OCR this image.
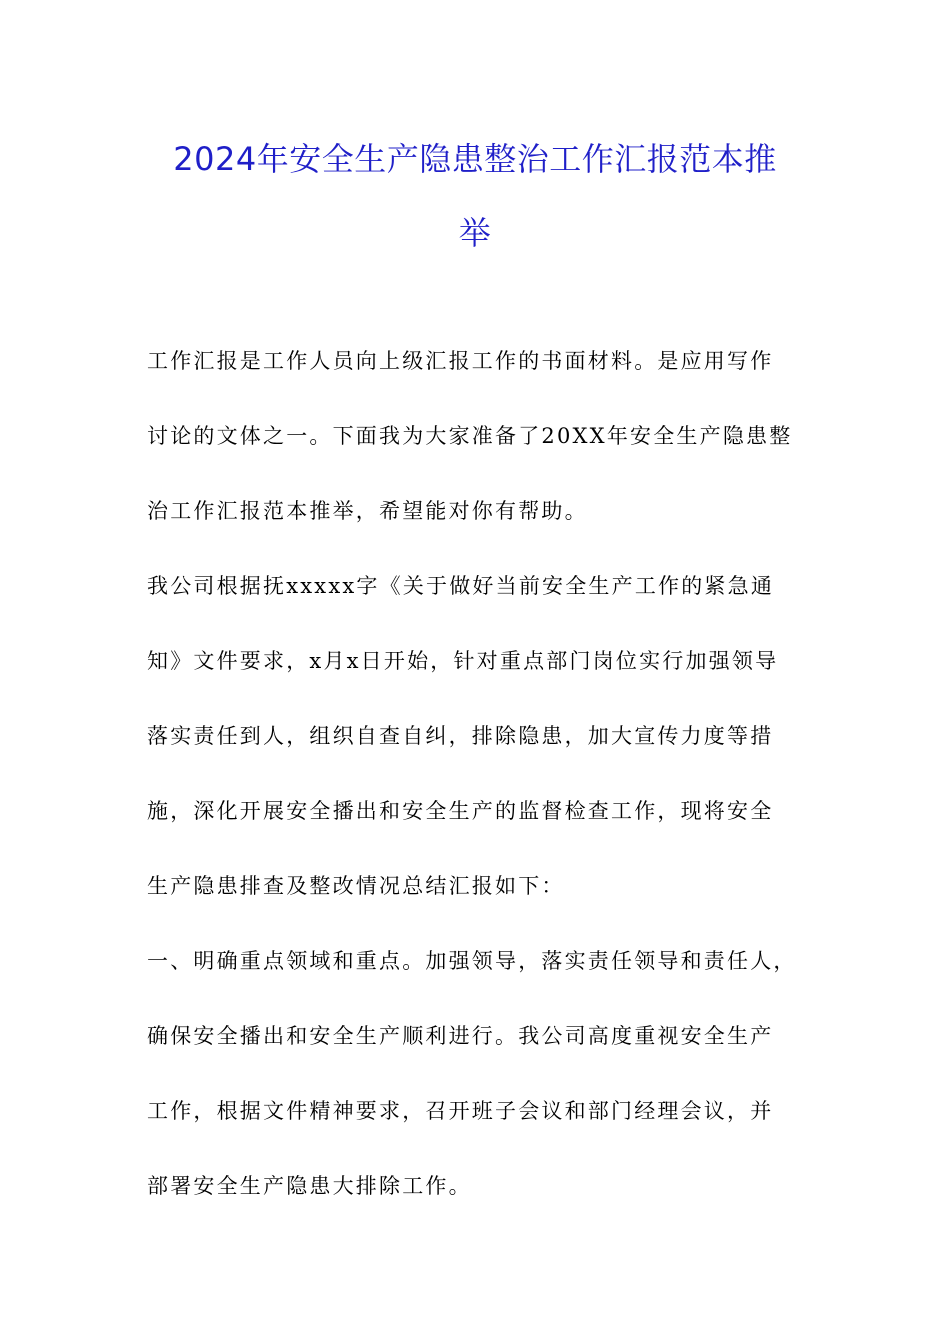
2024年安全生产隐患整治工作汇报范本推
举
工作汇报是工作人员向上级汇报工作的书面材料。是应用写作
讨论的文体之一。下面我为大家准备了20XX年安全生产隐患整
治工作汇报范本推举，希望能对你有帮助。
我公司根据抚xxxxx字《关于做好当前安全生产工作的紧急通
知》文件要求，x月x日开始，针对重点部门岗位实行加强领导
落实责任到人，组织自查自纠，排除隐患，加大宣传力度等措
施，深化开展安全播出和安全生产的监督检查工作，现将安全
生产隐患排查及整改情况总结汇报如下：
一、明确重点领域和重点。加强领导，落实责任领导和责任人，
确保安全播出和安全生产顺利进行。我公司高度重视安全生产
工作，根据文件精神要求，召开班子会议和部门经理会议，并
部署安全生产隐患大排除工作。
